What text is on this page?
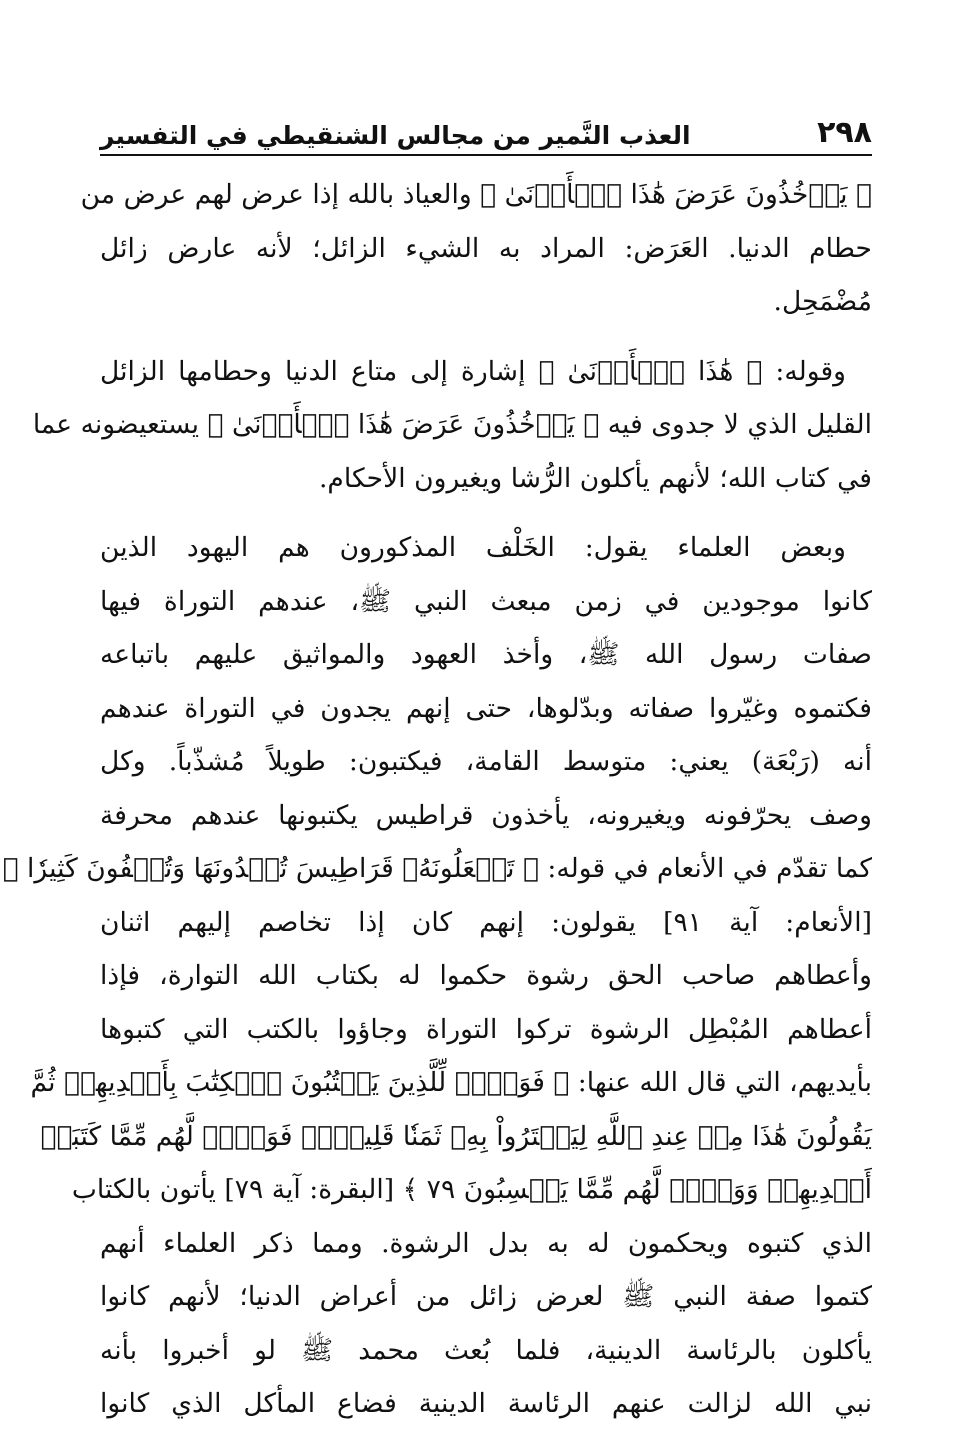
٢٩٨
العذب النَّمير من مجالس الشنقيطي في التفسير
﴿ يَأۡخُذُونَ عَرَضَ هَٰذَا ٱلۡأَدۡنَىٰ ﴾ والعياذ بالله إذا عرض لهم عرض من
حطام الدنيا. العَرَض: المراد به الشيء الزائل؛ لأنه عارض زائل
مُضْمَحِل.
وقوله: ﴿ هَٰذَا ٱلۡأَدۡنَىٰ ﴾ إشارة إلى متاع الدنيا وحطامها الزائل
القليل الذي لا جدوى فيه ﴿ يَأۡخُذُونَ عَرَضَ هَٰذَا ٱلۡأَدۡنَىٰ ﴾ يستعيضونه عما
في كتاب الله؛ لأنهم يأكلون الرُّشا ويغيرون الأحكام.
وبعض العلماء يقول: الخَلْف المذكورون هم اليهود الذين
كانوا موجودين في زمن مبعث النبي ﷺ، عندهم التوراة فيها
صفات رسول الله ﷺ، وأخذ العهود والمواثيق عليهم باتباعه
فكتموه وغيّروا صفاته وبدّلوها، حتى إنهم يجدون في التوراة عندهم
أنه (رَبْعَة) يعني: متوسط القامة، فيكتبون: طويلاً مُشذّباً. وكل
وصف يحرّفونه ويغيرونه، يأخذون قراطيس يكتبونها عندهم محرفة
كما تقدّم في الأنعام في قوله: ﴿ تَجۡعَلُونَهُۥ قَرَاطِيسَ تُبۡدُونَهَا وَتُخۡفُونَ كَثِيرٗا ﴾
[الأنعام: آية ٩١] يقولون: إنهم كان إذا تخاصم إليهم اثنان
وأعطاهم صاحب الحق رشوة حكموا له بكتاب الله التوارة، فإذا
أعطاهم المُبْطِل الرشوة تركوا التوراة وجاؤوا بالكتب التي كتبوها
بأيديهم، التي قال الله عنها: ﴿ فَوَيۡلٞ لِّلَّذِينَ يَكۡتُبُونَ ٱلۡكِتَٰبَ بِأَيۡدِيهِمۡ ثُمَّ
يَقُولُونَ هَٰذَا مِنۡ عِندِ ٱللَّهِ لِيَشۡتَرُواْ بِهِۦ ثَمَنٗا قَلِيلٗاۖ فَوَيۡلٞ لَّهُم مِّمَّا كَتَبَتۡ
أَيۡدِيهِمۡ وَوَيۡلٞ لَّهُم مِّمَّا يَكۡسِبُونَ ٧٩ ﴾ [البقرة: آية ٧٩] يأتون بالكتاب
الذي كتبوه ويحكمون له به بدل الرشوة. ومما ذكر العلماء أنهم
كتموا صفة النبي ﷺ لعرض زائل من أعراض الدنيا؛ لأنهم كانوا
يأكلون بالرئاسة الدينية، فلما بُعث محمد ﷺ لو أخبروا بأنه
نبي الله لزالت عنهم الرئاسة الدينية فضاع المأكل الذي كانوا
